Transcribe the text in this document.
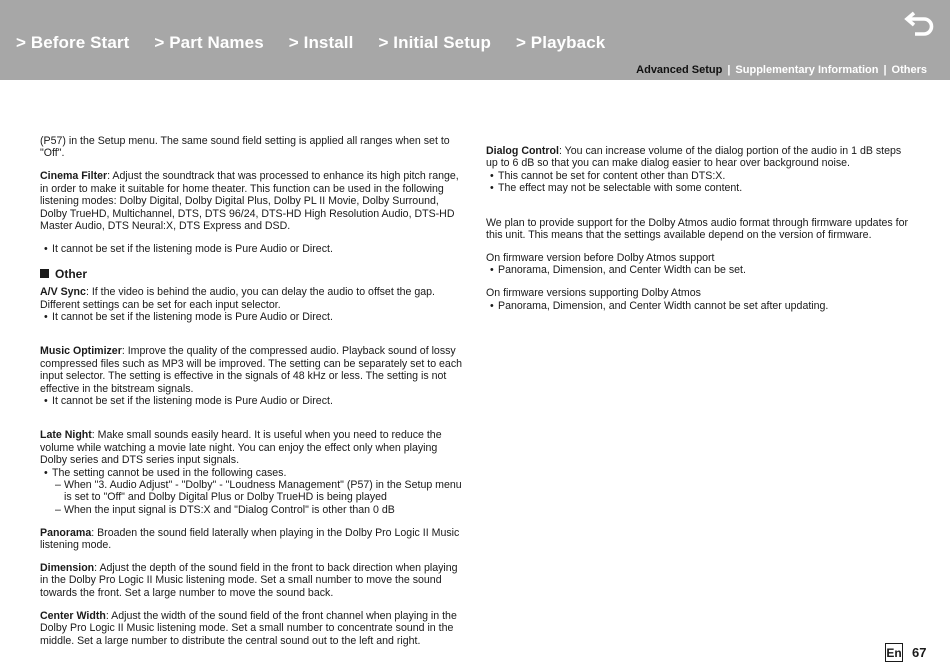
> Before Start > Part Names > Install > Initial Setup > Playback
Advanced Setup | Supplementary Information | Others

(P57) in the Setup menu. The same sound field setting is applied all ranges when set to "Off".

Cinema Filter: Adjust the soundtrack that was processed to enhance its high pitch range, in order to make it suitable for home theater. This function can be used in the following listening modes: Dolby Digital, Dolby Digital Plus, Dolby PL II Movie, Dolby Surround, Dolby TrueHD, Multichannel, DTS, DTS 96/24, DTS-HD High Resolution Audio, DTS-HD Master Audio, DTS Neural:X, DTS Express and DSD.

• It cannot be set if the listening mode is Pure Audio or Direct.

Other

A/V Sync: If the video is behind the audio, you can delay the audio to offset the gap. Different settings can be set for each input selector.

• It cannot be set if the listening mode is Pure Audio or Direct.

Music Optimizer: Improve the quality of the compressed audio. Playback sound of lossy compressed files such as MP3 will be improved. The setting can be separately set to each input selector. The setting is effective in the signals of 48 kHz or less. The setting is not effective in the bitstream signals.

• It cannot be set if the listening mode is Pure Audio or Direct.

Late Night: Make small sounds easily heard. It is useful when you need to reduce the volume while watching a movie late night. You can enjoy the effect only when playing Dolby series and DTS series input signals.

• The setting cannot be used in the following cases.

– When "3. Audio Adjust" - "Dolby" - "Loudness Management" (P57) in the Setup menu is set to "Off" and Dolby Digital Plus or Dolby TrueHD is being played

– When the input signal is DTS:X and "Dialog Control" is other than 0 dB

Panorama: Broaden the sound field laterally when playing in the Dolby Pro Logic II Music listening mode.

Dimension: Adjust the depth of the sound field in the front to back direction when playing in the Dolby Pro Logic II Music listening mode. Set a small number to move the sound towards the front. Set a large number to move the sound back.

Center Width: Adjust the width of the sound field of the front channel when playing in the Dolby Pro Logic II Music listening mode. Set a small number to concentrate sound in the middle. Set a large number to distribute the central sound out to the left and right.

Dialog Control: You can increase volume of the dialog portion of the audio in 1 dB steps up to 6 dB so that you can make dialog easier to hear over background noise.

• This cannot be set for content other than DTS:X.

• The effect may not be selectable with some content.

We plan to provide support for the Dolby Atmos audio format through firmware updates for this unit. This means that the settings available depend on the version of firmware.

On firmware version before Dolby Atmos support

• Panorama, Dimension, and Center Width can be set.

On firmware versions supporting Dolby Atmos

• Panorama, Dimension, and Center Width cannot be set after updating.

En 67
